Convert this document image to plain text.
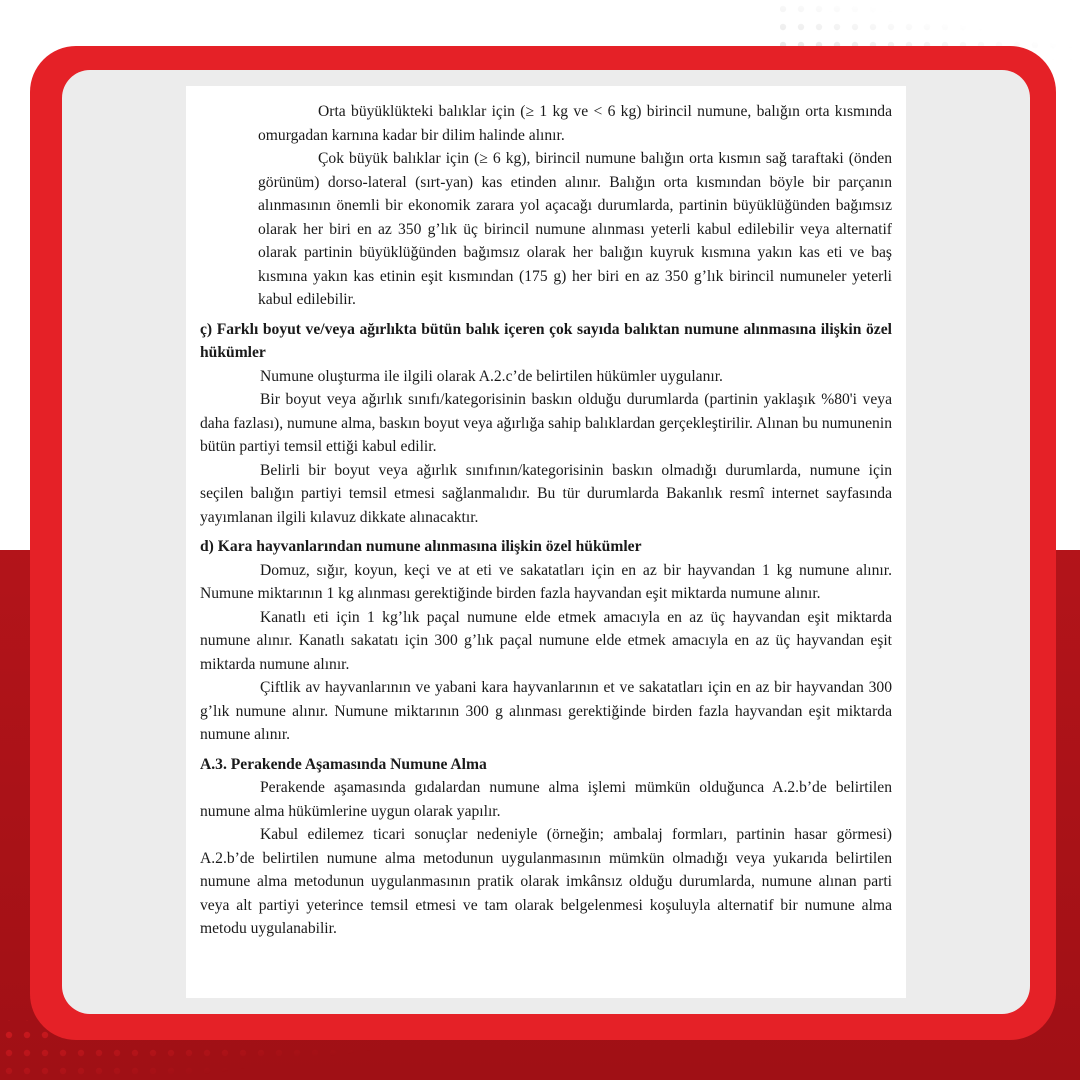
Orta büyüklükteki balıklar için (≥ 1 kg ve < 6 kg) birincil numune, balığın orta kısmında omurgadan karnına kadar bir dilim halinde alınır.

Çok büyük balıklar için (≥ 6 kg), birincil numune balığın orta kısmın sağ taraftaki (önden görünüm) dorso-lateral (sırt-yan) kas etinden alınır. Balığın orta kısmından böyle bir parçanın alınmasının önemli bir ekonomik zarara yol açacağı durumlarda, partinin büyüklüğünden bağımsız olarak her biri en az 350 g’lık üç birincil numune alınması yeterli kabul edilebilir veya alternatif olarak partinin büyüklüğünden bağımsız olarak her balığın kuyruk kısmına yakın kas eti ve baş kısmına yakın kas etinin eşit kısmından (175 g) her biri en az 350 g’lık birincil numuneler yeterli kabul edilebilir.

ç) Farklı boyut ve/veya ağırlıkta bütün balık içeren çok sayıda balıktan numune alınmasına ilişkin özel hükümler

Numune oluşturma ile ilgili olarak A.2.c’de belirtilen hükümler uygulanır.

Bir boyut veya ağırlık sınıfı/kategorisinin baskın olduğu durumlarda (partinin yaklaşık %80'i veya daha fazlası), numune alma, baskın boyut veya ağırlığa sahip balıklardan gerçekleştirilir. Alınan bu numunenin bütün partiyi temsil ettiği kabul edilir.

Belirli bir boyut veya ağırlık sınıfının/kategorisinin baskın olmadığı durumlarda, numune için seçilen balığın partiyi temsil etmesi sağlanmalıdır. Bu tür durumlarda Bakanlık resmî internet sayfasında yayımlanan ilgili kılavuz dikkate alınacaktır.

d) Kara hayvanlarından numune alınmasına ilişkin özel hükümler

Domuz, sığır, koyun, keçi ve at eti ve sakatatları için en az bir hayvandan 1 kg numune alınır. Numune miktarının 1 kg alınması gerektiğinde birden fazla hayvandan eşit miktarda numune alınır.

Kanatlı eti için 1 kg’lık paçal numune elde etmek amacıyla en az üç hayvandan eşit miktarda numune alınır. Kanatlı sakatatı için 300 g’lık paçal numune elde etmek amacıyla en az üç hayvandan eşit miktarda numune alınır.

Çiftlik av hayvanlarının ve yabani kara hayvanlarının et ve sakatatları için en az bir hayvandan 300 g’lık numune alınır. Numune miktarının 300 g alınması gerektiğinde birden fazla hayvandan eşit miktarda numune alınır.

A.3. Perakende Aşamasında Numune Alma

Perakende aşamasında gıdalardan numune alma işlemi mümkün olduğunca A.2.b’de belirtilen numune alma hükümlerine uygun olarak yapılır.

Kabul edilemez ticari sonuçlar nedeniyle (örneğin; ambalaj formları, partinin hasar görmesi) A.2.b’de belirtilen numune alma metodunun uygulanmasının mümkün olmadığı veya yukarıda belirtilen numune alma metodunun uygulanmasının pratik olarak imkânsız olduğu durumlarda, numune alınan parti veya alt partiyi yeterince temsil etmesi ve tam olarak belgelenmesi koşuluyla alternatif bir numune alma metodu uygulanabilir.
